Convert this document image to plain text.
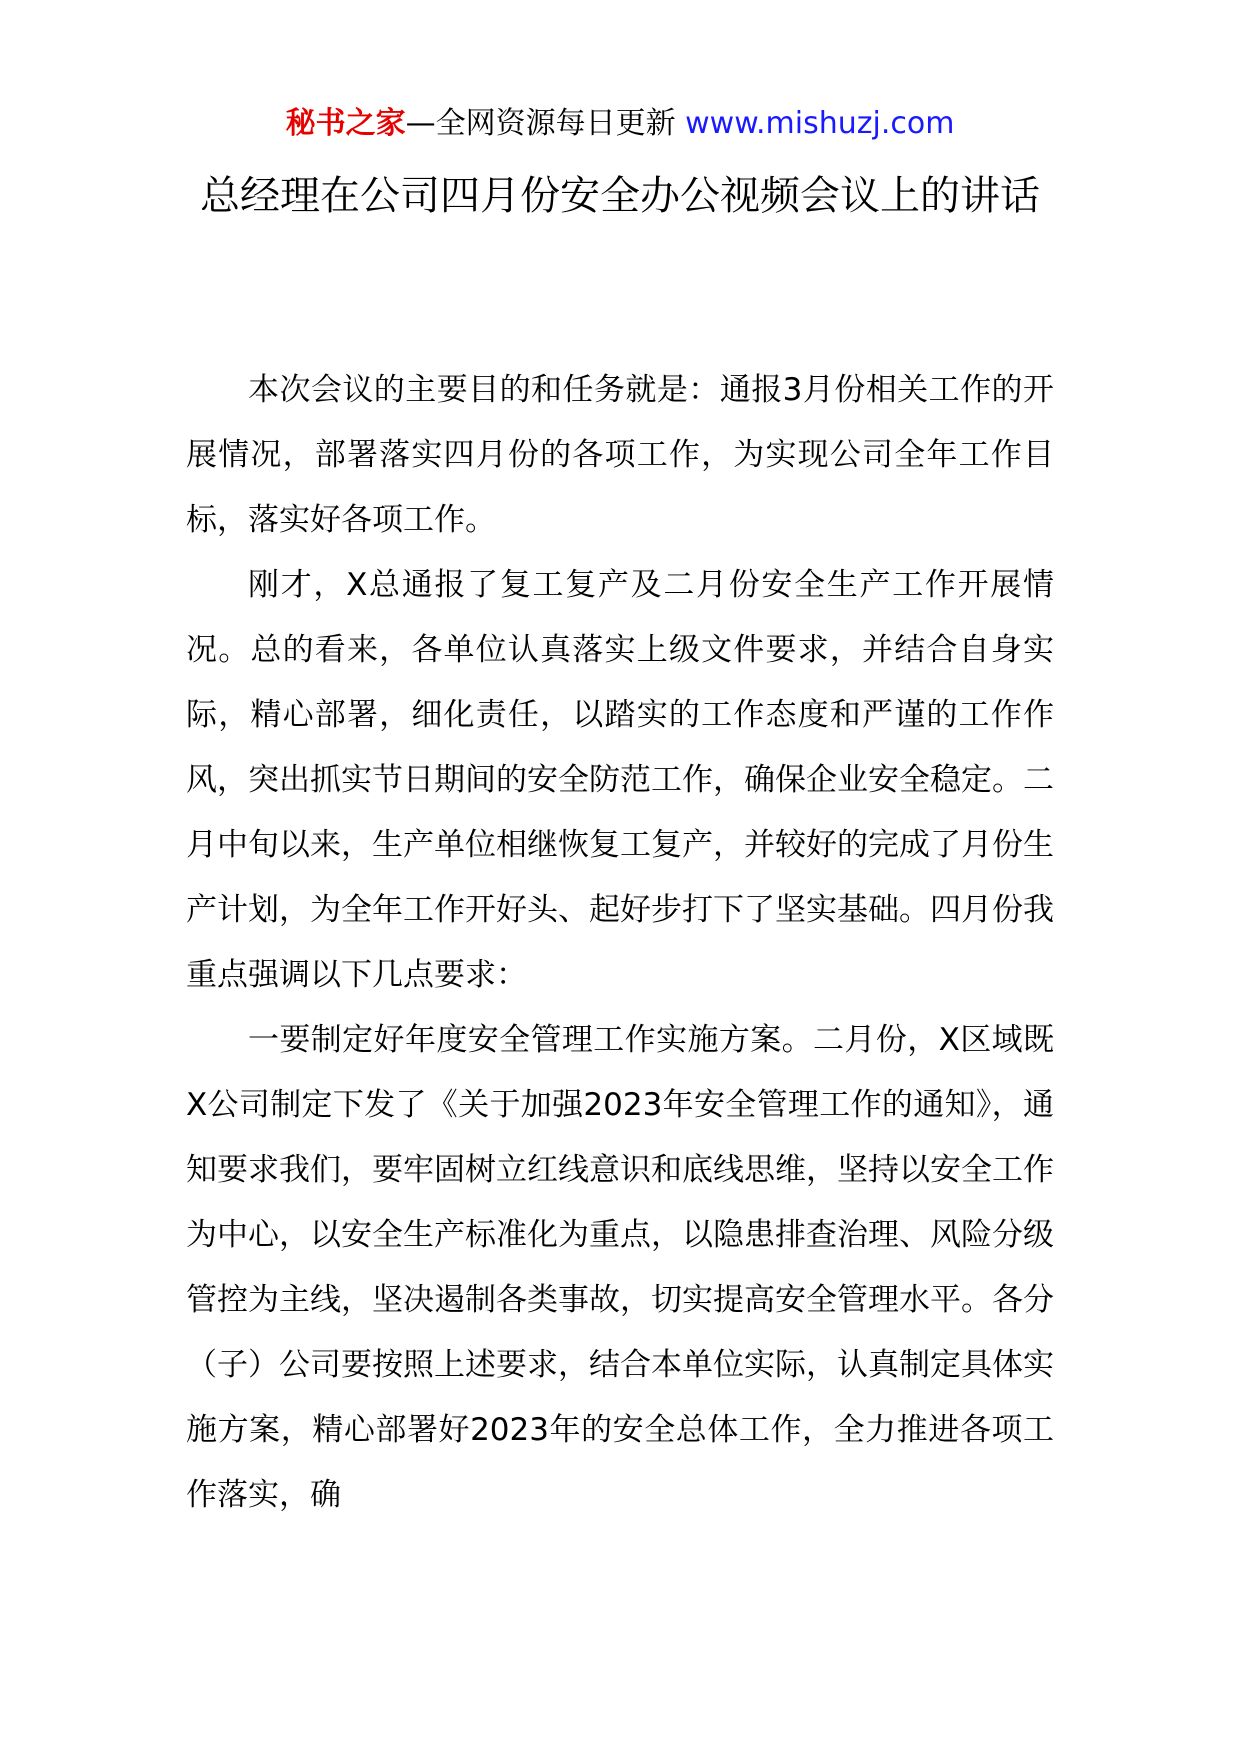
秘书之家—全网资源每日更新 www.mishuzj.com
总经理在公司四月份安全办公视频会议上的讲话

本次会议的主要目的和任务就是：通报3月份相关工作的开展情况，部署落实四月份的各项工作，为实现公司全年工作目标，落实好各项工作。

刚才，X总通报了复工复产及二月份安全生产工作开展情况。总的看来，各单位认真落实上级文件要求，并结合自身实际，精心部署，细化责任，以踏实的工作态度和严谨的工作作风，突出抓实节日期间的安全防范工作，确保企业安全稳定。二月中旬以来，生产单位相继恢复工复产，并较好的完成了月份生产计划，为全年工作开好头、起好步打下了坚实基础。四月份我重点强调以下几点要求：

一要制定好年度安全管理工作实施方案。二月份，X区域既X公司制定下发了《关于加强2023年安全管理工作的通知》，通知要求我们，要牢固树立红线意识和底线思维，坚持以安全工作为中心，以安全生产标准化为重点，以隐患排查治理、风险分级管控为主线，坚决遏制各类事故，切实提高安全管理水平。各分（子）公司要按照上述要求，结合本单位实际，认真制定具体实施方案，精心部署好2023年的安全总体工作，全力推进各项工作落实，确
